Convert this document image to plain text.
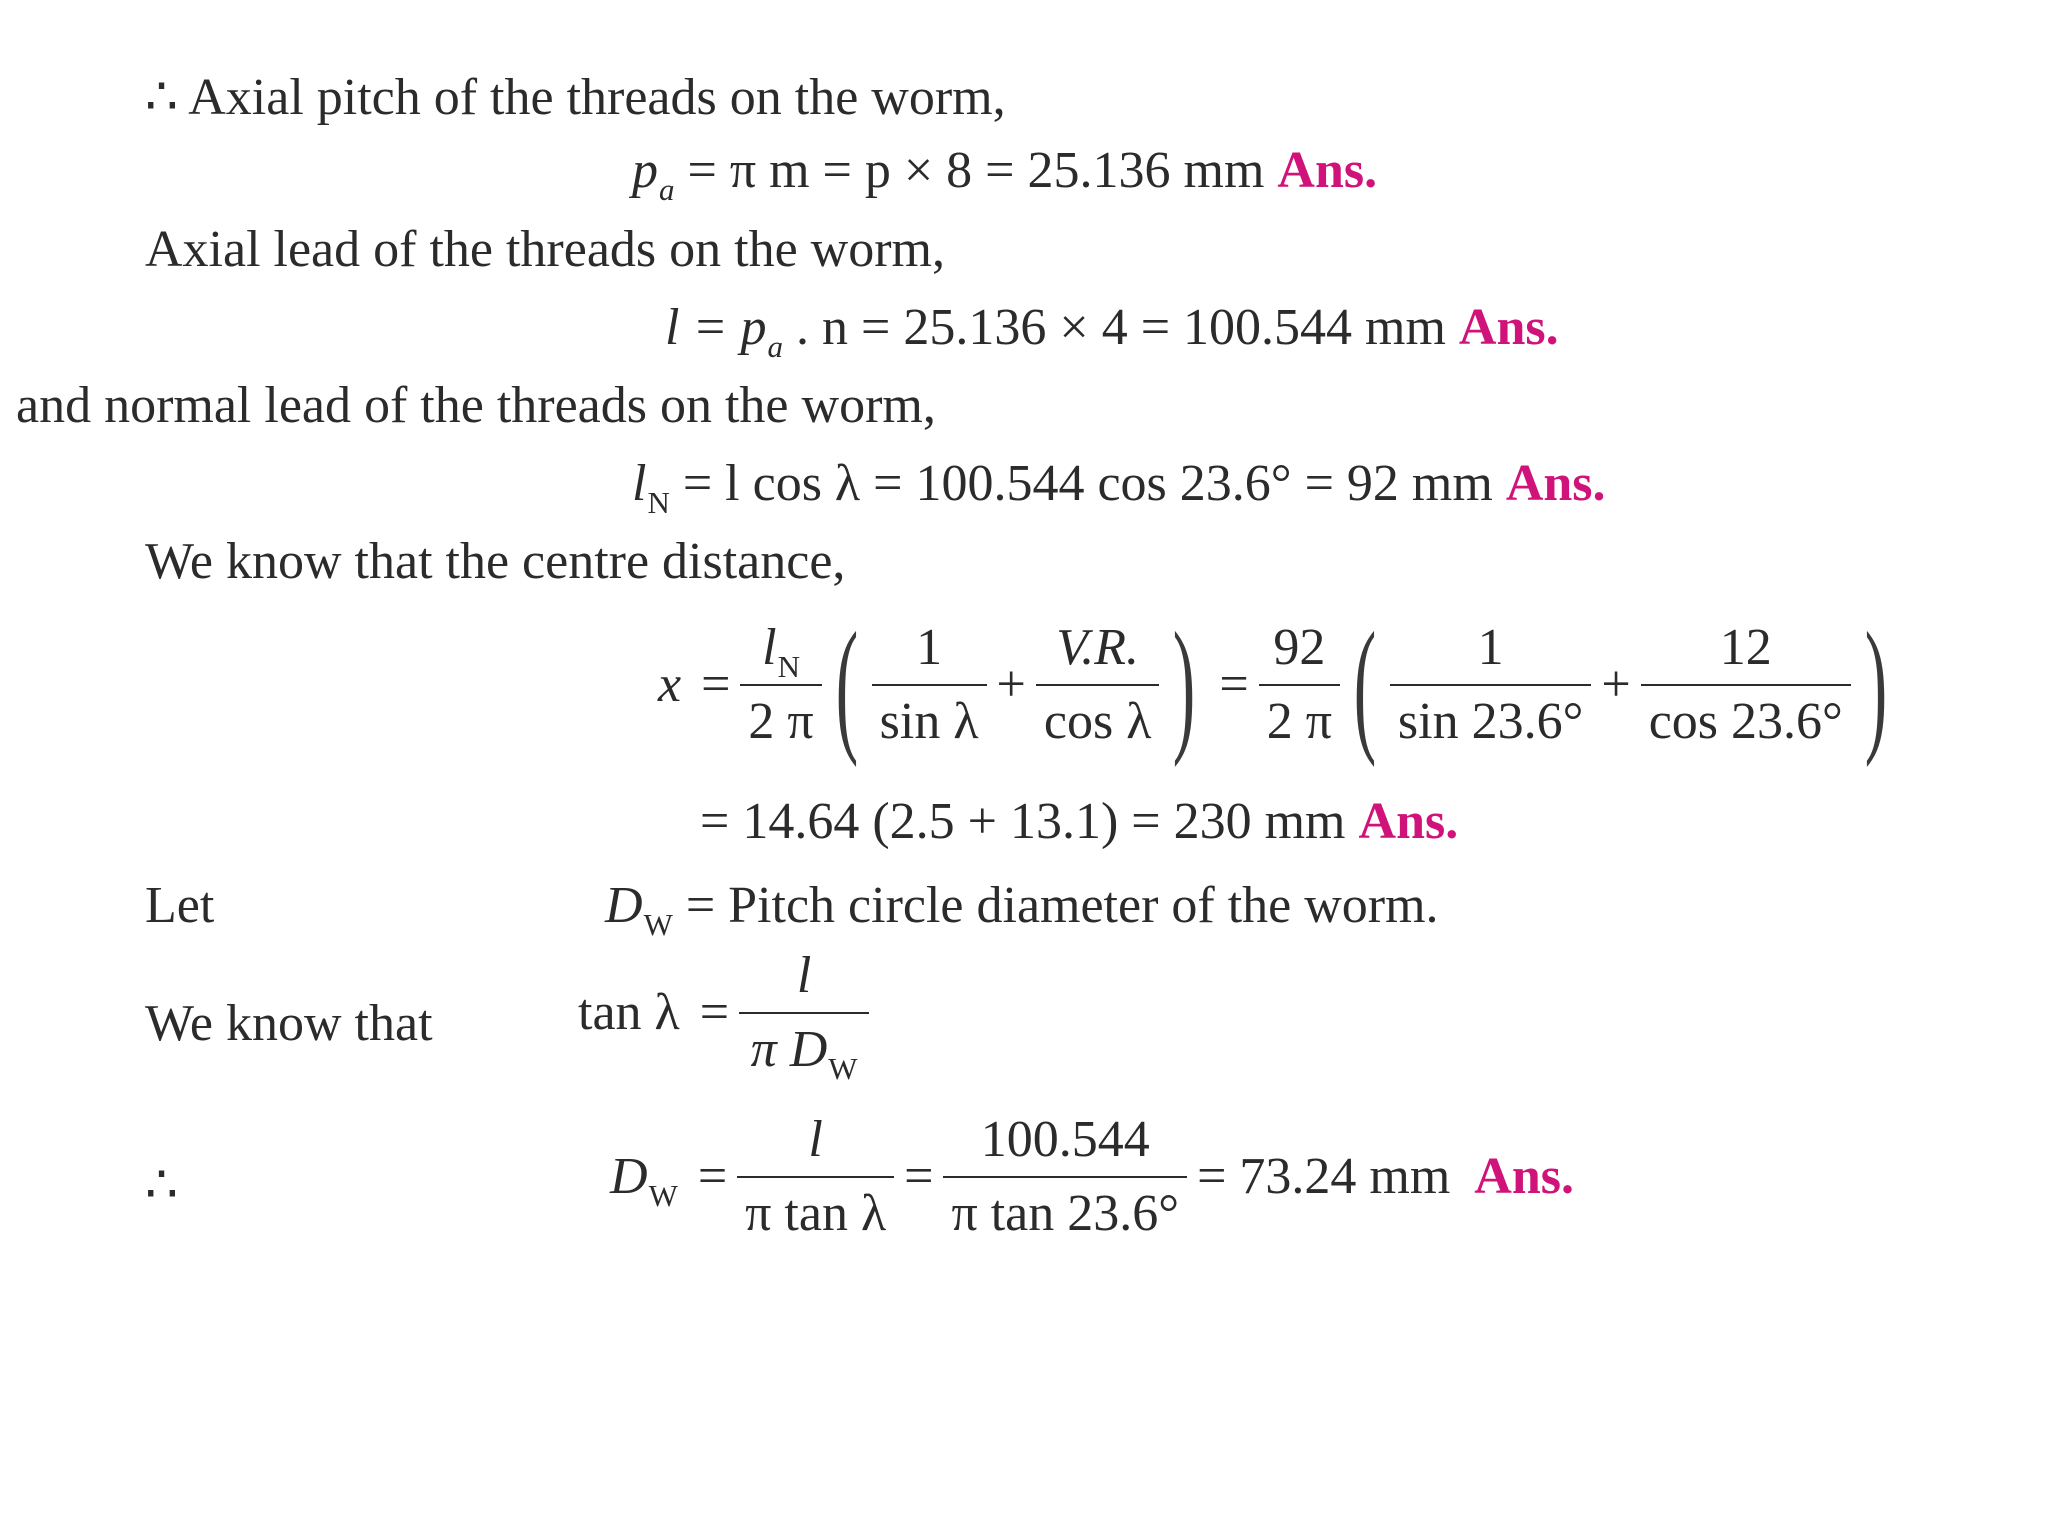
∴ Axial pitch of the threads on the worm,
$p_a = \pi$ m = p × 8 = 25.136 mm Ans.
Axial lead of the threads on the worm,
$l = p_a$ . n = 25.136 × 4 = 100.544 mm Ans.
and normal lead of the threads on the worm,
$l_N = l$ cos λ = 100.544 cos 23.6° = 92 mm Ans.
We know that the centre distance,
$x = \frac{l_N}{2 \pi}$ ( $\frac{1}{\text{sin λ}} + \frac{V.R.}{\text{cos λ}}$ ) = $\frac{92}{2 \pi}$ ( $\frac{1}{\sin 23.6^\circ} + \frac{12}{\cos 23.6^\circ}$ )
= 14.64 (2.5 + 13.1) = 230 mm Ans.
Let	$D_W$ = Pitch circle diameter of the worm.
We know that	$\tan \lambda = \frac{l}{\pi D_W}$
∴	$D_W = \frac{l}{\text{π tan λ}} = \frac{100.544}{\text{π tan 23.6°}} = 73.24$ mm Ans.
